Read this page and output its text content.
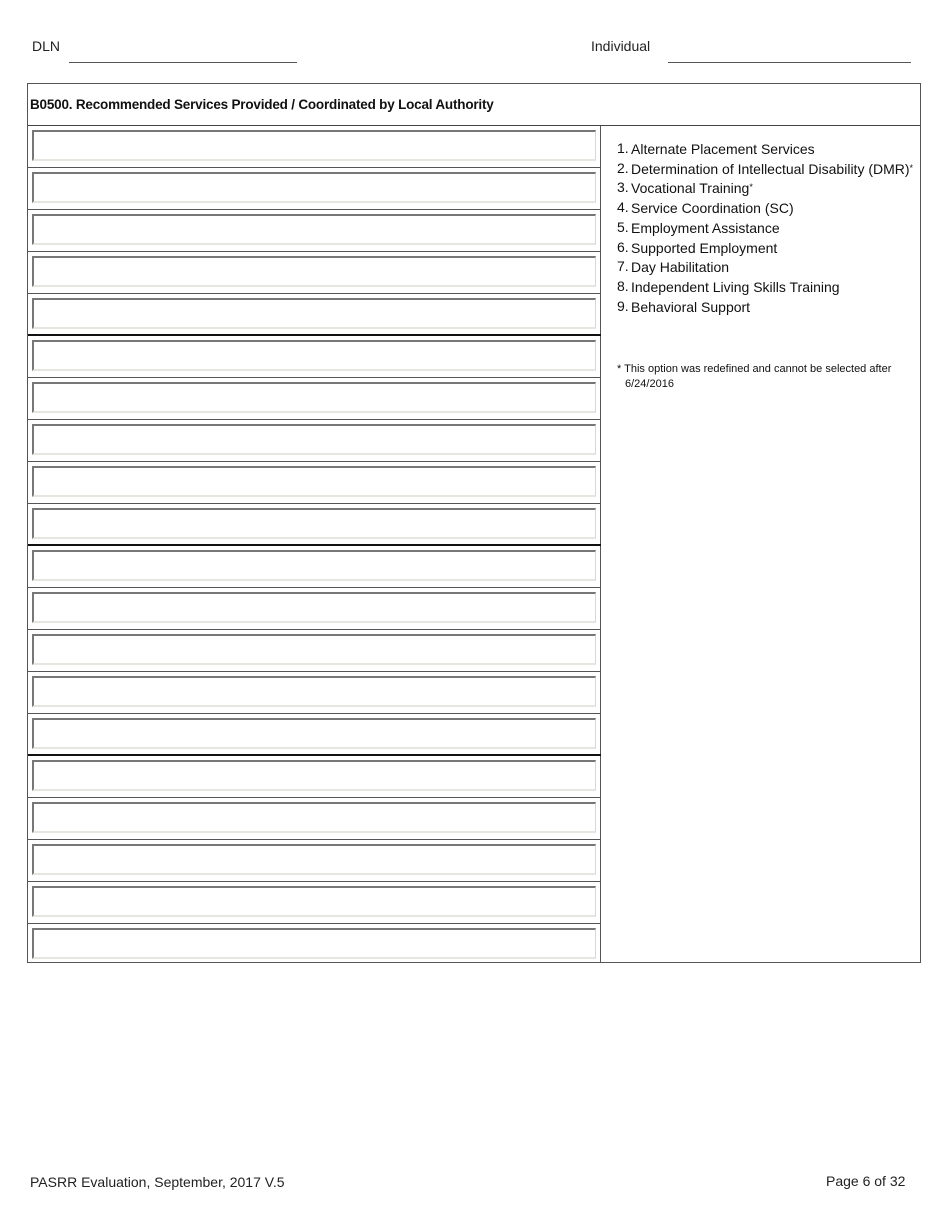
DLN	Individual
B0500. Recommended Services Provided / Coordinated by Local Authority
1. Alternate Placement Services
2. Determination of Intellectual Disability (DMR)*
3. Vocational Training*
4. Service Coordination (SC)
5. Employment Assistance
6. Supported Employment
7. Day Habilitation
8. Independent Living Skills Training
9. Behavioral Support
* This option was redefined and cannot be selected after 6/24/2016
PASRR Evaluation, September, 2017 V.5	Page 6 of 32
